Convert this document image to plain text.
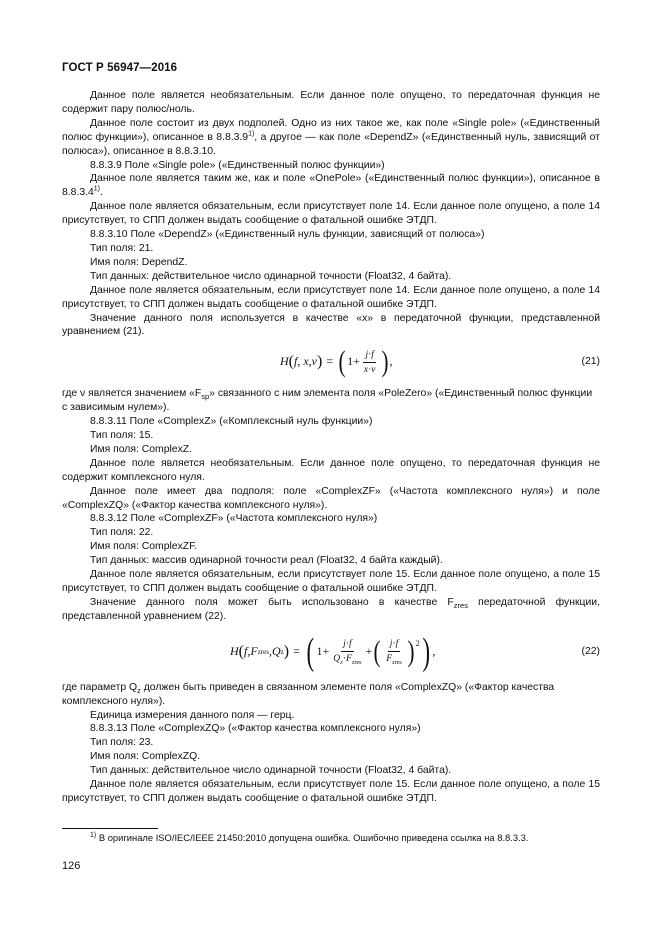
ГОСТ Р 56947—2016

Данное поле является необязательным. Если данное поле опущено, то передаточная функция не содержит пару полюс/ноль.

Данное поле состоит из двух подполей. Одно из них такое же, как поле «Single pole» («Единственный полюс функции»), описанное в 8.8.3.9$^{1)}$, а другое — как поле «DependZ» («Единственный нуль, зависящий от полюса»), описанное в 8.8.3.10.

8.8.3.9 Поле «Single pole» («Единственный полюс функции»)

Данное поле является таким же, как и поле «OnePole» («Единственный полюс функции»), описанное в 8.8.3.4$^{1)}$.

Данное поле является обязательным, если присутствует поле 14. Если данное поле опущено, а поле 14 присутствует, то СПП должен выдать сообщение о фатальной ошибке ЭТДП.

8.8.3.10 Поле «DependZ» («Единственный нуль функции, зависящий от полюса»)

Тип поля: 21.

Имя поля: DependZ.

Тип данных: действительное число одинарной точности (Float32, 4 байта).

Данное поле является обязательным, если присутствует поле 14. Если данное поле опущено, а поле 14 присутствует, то СПП должен выдать сообщение о фатальной ошибке ЭТДП.

Значение данного поля используется в качестве «x» в передаточной функции, представленной уравнением (21).

H ( f , x , v ) = ( $1+ \frac{j\cdot f}{x\cdot v}$ ) ,	(21)

где ν является значением «$F_{sp}$» связанного с ним элемента поля «PoleZero» («Единственный полюс функции с зависимым нулем»).

8.8.3.11 Поле «ComplexZ» («Комплексный нуль функции»)

Тип поля: 15.

Имя поля: ComplexZ.

Данное поле является необязательным. Если данное поле опущено, то передаточная функция не содержит комплексного нуля.

Данное поле имеет два подполя: поле «ComplexZF» («Частота комплексного нуля») и поле «ComplexZQ» («Фактор качества комплексного нуля»).

8.8.3.12 Поле «ComplexZF» («Частота комплексного нуля»)

Тип поля: 22.

Имя поля: ComplexZF.

Тип данных: массив одинарной точности реал (Float32, 4 байта каждый).

Данное поле является обязательным, если присутствует поле 15. Если данное поле опущено, а поле 15 присутствует, то СПП должен выдать сообщение о фатальной ошибке ЭТДП.

Значение данного поля может быть использовано в качестве $F_{zres}$ передаточной функции, представленной уравнением (22).

H ( f , F zres , Q z ) = ( $1+ \frac{j\cdot f}{Q_z\cdot F_{zres}}$ + ( $\frac{j\cdot f}{F_{zres}} )^2$ ) ,	(22)

где параметр $Q_z$ должен быть приведен в связанном элементе поля «ComplexZQ» («Фактор качества комплексного нуля»).

Единица измерения данного поля — герц.

8.8.3.13 Поле «ComplexZQ» («Фактор качества комплексного нуля»)

Тип поля: 23.

Имя поля: ComplexZQ.

Тип данных: действительное число одинарной точности (Float32, 4 байта).

Данное поле является обязательным, если присутствует поле 15. Если данное поле опущено, а поле 15 присутствует, то СПП должен выдать сообщение о фатальной ошибке ЭТДП.

$^{1)}$ В оригинале ISO/IEC/IEEE 21450:2010 допущена ошибка. Ошибочно приведена ссылка на 8.8.3.3.
126
